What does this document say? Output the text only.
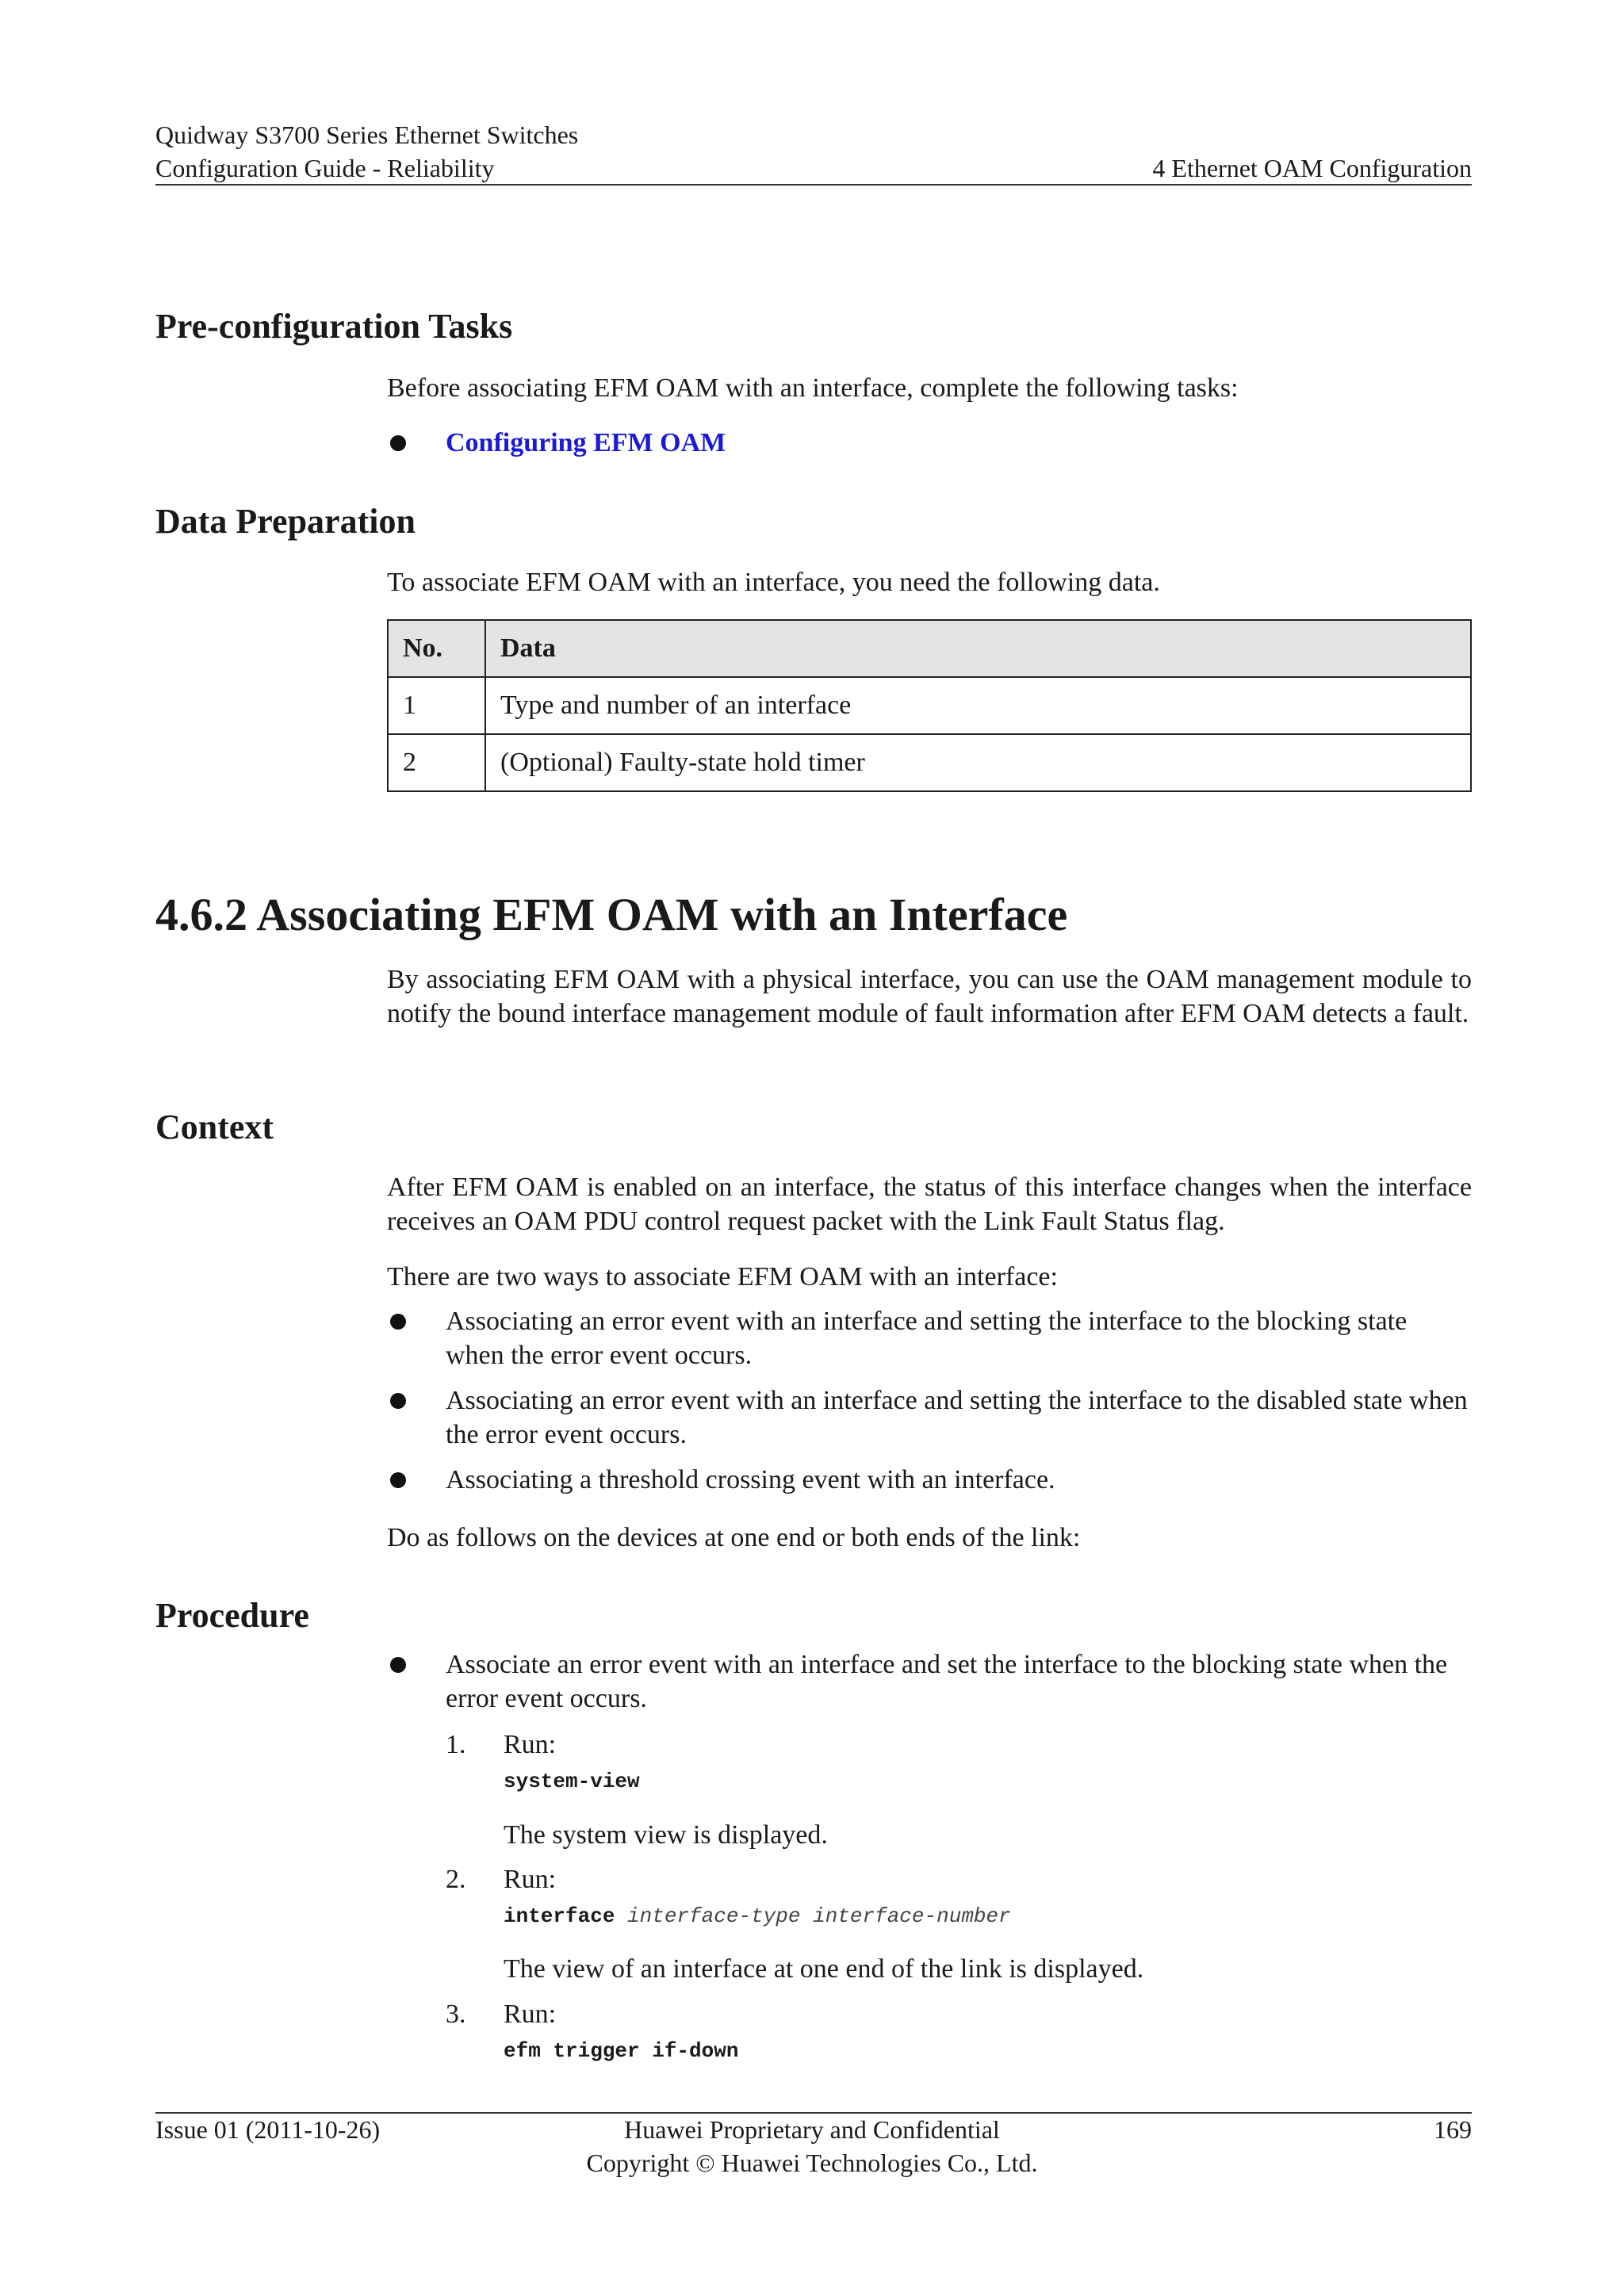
Quidway S3700 Series Ethernet Switches
Configuration Guide - Reliability	4 Ethernet OAM Configuration
Pre-configuration Tasks
Before associating EFM OAM with an interface, complete the following tasks:
Configuring EFM OAM
Data Preparation
To associate EFM OAM with an interface, you need the following data.
No.	Data
1	Type and number of an interface
2	(Optional) Faulty-state hold timer
4.6.2 Associating EFM OAM with an Interface
By associating EFM OAM with a physical interface, you can use the OAM management module to notify the bound interface management module of fault information after EFM OAM detects a fault.
Context
After EFM OAM is enabled on an interface, the status of this interface changes when the interface receives an OAM PDU control request packet with the Link Fault Status flag.
There are two ways to associate EFM OAM with an interface:
Associating an error event with an interface and setting the interface to the blocking state when the error event occurs.
Associating an error event with an interface and setting the interface to the disabled state when the error event occurs.
Associating a threshold crossing event with an interface.
Do as follows on the devices at one end or both ends of the link:
Procedure
Associate an error event with an interface and set the interface to the blocking state when the error event occurs.
1. Run:
system-view
The system view is displayed.
2. Run:
interface interface-type interface-number
The view of an interface at one end of the link is displayed.
3. Run:
efm trigger if-down
Issue 01 (2011-10-26)	Huawei Proprietary and Confidential
Copyright © Huawei Technologies Co., Ltd.
169
